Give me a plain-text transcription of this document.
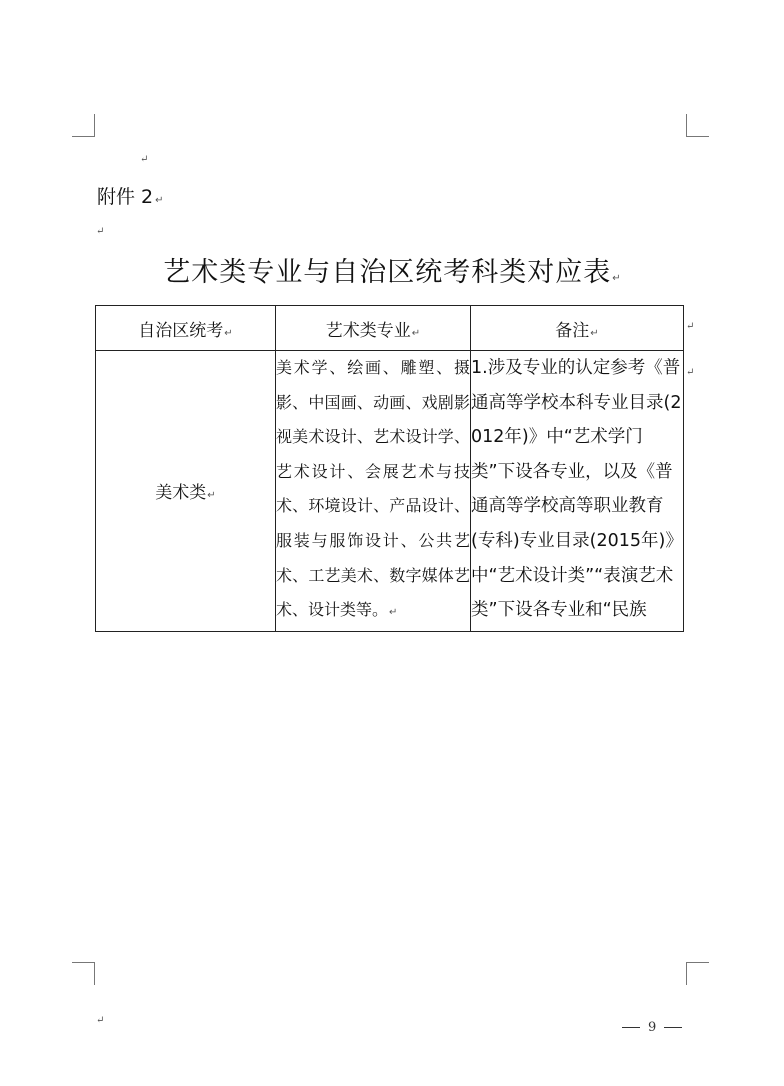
↵
↵
↵
↵
↵
附件 2 ↵
艺术类专业与自治区统考科类对应表↵
自治区统考↵	艺术类专业↵	备注↵
美术类↵	美术学、绘画、雕塑、摄影、中国画、动画、戏剧影视美术设计、艺术设计学、艺术设计、会展艺术与技术、环境设计、产品设计、服装与服饰设计、公共艺术、工艺美术、数字媒体艺术、设计类等。↵	1.涉及专业的认定参考《普通高等学校本科专业目录(2012年)》中“艺术学门类”下设各专业，以及《普通高等学校高等职业教育(专科)专业目录(2015年)》中“艺术设计类”“表演艺术类”下设各专业和“民族
9
